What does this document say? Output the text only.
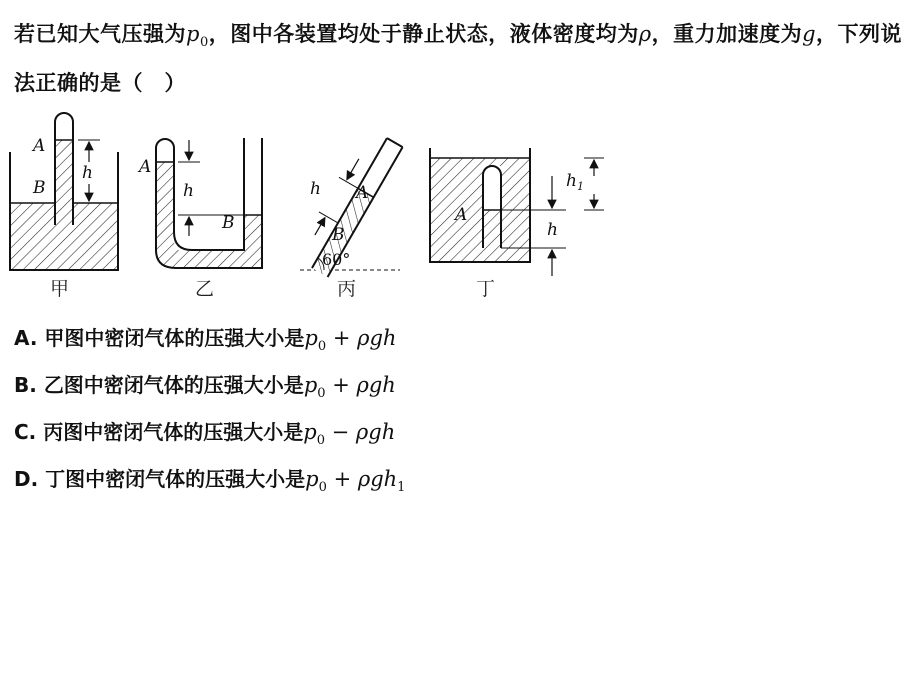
若已知大气压强为$p_0$，图中各装置均处于静止状态，液体密度均为ρ，重力加速度为g，下列说法正确的是（　）
A
B
h
甲
A
B
h
乙
h A
B
60°
丙
A
h
$h_1$
丁
A. 甲图中密闭气体的压强大小是$p_0 + \rho gh$
B. 乙图中密闭气体的压强大小是$p_0 + \rho gh$
C. 丙图中密闭气体的压强大小是$p_0 - \rho gh$
D. 丁图中密闭气体的压强大小是$p_0 + \rho gh_1$
